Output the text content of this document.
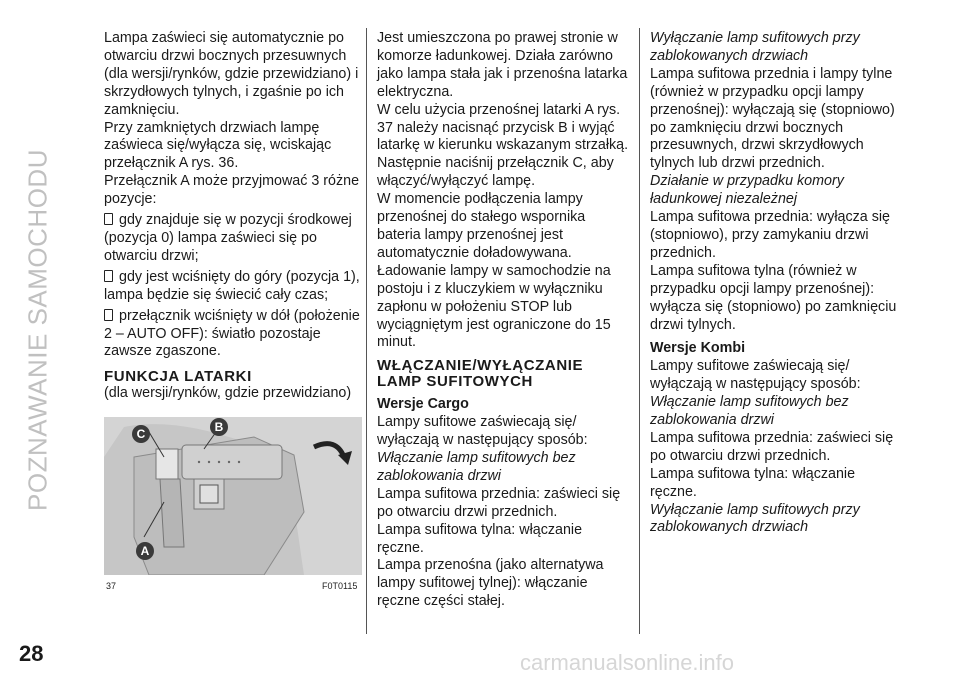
POZNAWANIE SAMOCHODU
28

Lampa zaświeci się automatycznie po otwarciu drzwi bocznych przesuwnych (dla wersji/rynków, gdzie przewidziano) i skrzydłowych tylnych, i zgaśnie po ich zamknięciu.

Przy zamkniętych drzwiach lampę zaświeca się/wyłącza się, wciskając przełącznik A rys. 36.

Przełącznik A może przyjmować 3 różne pozycje:

gdy znajduje się w pozycji środkowej (pozycja 0) lampa zaświeci się po otwarciu drzwi;

gdy jest wciśnięty do góry (pozycja 1), lampa będzie się świecić cały czas;

przełącznik wciśnięty w dół (położenie 2 – AUTO OFF): światło pozostaje zawsze zgaszone.

FUNKCJA LATARKI

(dla wersji/rynków, gdzie przewidziano)

C	B
A
37	F0T0115

Jest umieszczona po prawej stronie w komorze ładunkowej. Działa zarówno jako lampa stała jak i przenośna latarka elektryczna.

W celu użycia przenośnej latarki A rys. 37 należy nacisnąć przycisk B i wyjąć latarkę w kierunku wskazanym strzałką. Następnie naciśnij przełącznik C, aby włączyć/wyłączyć lampę.

W momencie podłączenia lampy przenośnej do stałego wspornika bateria lampy przenośnej jest automatycznie doładowywana.

Ładowanie lampy w samochodzie na postoju i z kluczykiem w wyłączniku zapłonu w położeniu STOP lub wyciągniętym jest ograniczone do 15 minut.

WŁĄCZANIE/WYŁĄCZANIE LAMP SUFITOWYCH

Wersje Cargo

Lampy sufitowe zaświecają się/ wyłączają w następujący sposób:

Włączanie lamp sufitowych bez zablokowania drzwi

Lampa sufitowa przednia: zaświeci się po otwarciu drzwi przednich.

Lampa sufitowa tylna: włączanie ręczne.

Lampa przenośna (jako alternatywa lampy sufitowej tylnej): włączanie ręczne części stałej.

Wyłączanie lamp sufitowych przy zablokowanych drzwiach

Lampa sufitowa przednia i lampy tylne (również w przypadku opcji lampy przenośnej): wyłączają się (stopniowo) po zamknięciu drzwi bocznych przesuwnych, drzwi skrzydłowych tylnych lub drzwi przednich.

Działanie w przypadku komory ładunkowej niezależnej

Lampa sufitowa przednia: wyłącza się (stopniowo), przy zamykaniu drzwi przednich.

Lampa sufitowa tylna (również w przypadku opcji lampy przenośnej): wyłącza się (stopniowo) po zamknięciu drzwi tylnych.

Wersje Kombi

Lampy sufitowe zaświecają się/ wyłączają w następujący sposób:

Włączanie lamp sufitowych bez zablokowania drzwi

Lampa sufitowa przednia: zaświeci się po otwarciu drzwi przednich.

Lampa sufitowa tylna: włączanie ręczne.

Wyłączanie lamp sufitowych przy zablokowanych drzwiach

carmanualsonline.info
